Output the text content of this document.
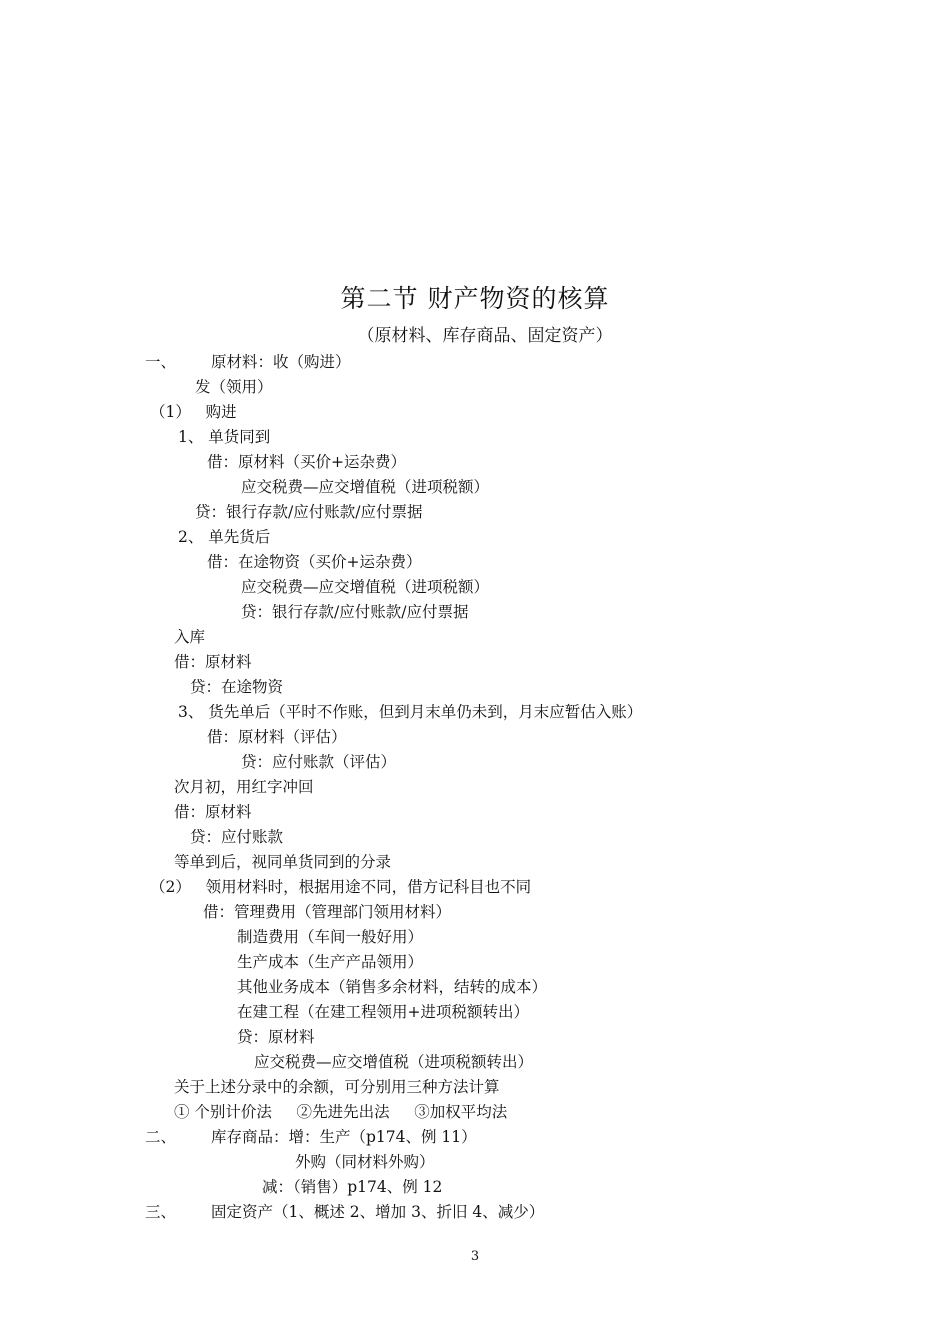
第二节 财产物资的核算
（原材料、库存商品、固定资产）
一、 原材料：收（购进）
发（领用）
（1）   购进
1、 单货同到
借：原材料（买价+运杂费）
应交税费—应交增值税（进项税额）
贷：银行存款/应付账款/应付票据
2、 单先货后
借：在途物资（买价+运杂费）
应交税费—应交增值税（进项税额）
贷：银行存款/应付账款/应付票据
入库
借：原材料
贷：在途物资
3、 货先单后（平时不作账，但到月末单仍未到，月末应暂估入账）
借：原材料（评估）
贷：应付账款（评估）
次月初，用红字冲回
借：原材料
贷：应付账款
等单到后，视同单货同到的分录
（2）   领用材料时，根据用途不同，借方记科目也不同
借：管理费用（管理部门领用材料）
制造费用（车间一般好用）
生产成本（生产产品领用）
其他业务成本（销售多余材料，结转的成本）
在建工程（在建工程领用+进项税额转出）
贷：原材料
应交税费—应交增值税（进项税额转出）
关于上述分录中的余额，可分别用三种方法计算
① 个别计价法     ②先进先出法     ③加权平均法
二、 库存商品：增：生产（p174、例 11）
外购（同材料外购）
减：（销售）p174、例 12
三、 固定资产（1、概述 2、增加 3、折旧 4、减少）
3
